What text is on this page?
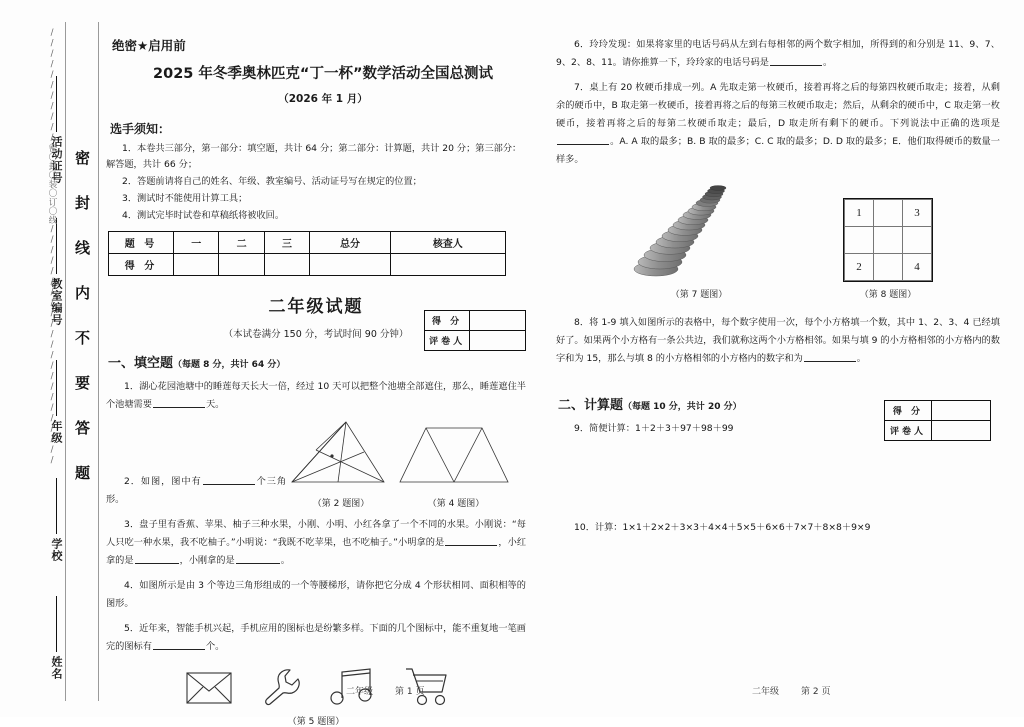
姓名
学校
年级
教室编号
活动证号
///////////密〇封〇装〇订〇线/////////////////////// 密封线内不要答题
绝密★启用前
2025 年冬季奥林匹克“丁一杯”数学活动全国总测试
（2026 年 1 月）
选手须知：
1．本卷共三部分，第一部分：填空题，共计 64 分；第二部分：计算题，共计 20 分；第三部分：解答题，共计 66 分；
2．答题前请将自己的姓名、年级、教室编号、活动证号写在规定的位置；
3．测试时不能使用计算工具；
4．测试完毕时试卷和草稿纸将被收回。
题 号	一	二	三	总分	核查人
得 分					
二年级试题
（本试卷满分 150 分，考试时间 90 分钟）
一、填空题（每题 8 分，共计 64 分）
1．湖心花园池塘中的睡莲每天长大一倍，经过 10 天可以把整个池塘全部遮住，那么，睡莲遮住半个池塘需要	天。
2．如图，图中有	个三角形。	（第 2 题图）	（第 4 题图）
3．盘子里有香蕉、苹果、柚子三种水果，小刚、小明、小红各拿了一个不同的水果。小刚说：“每人只吃一种水果，我不吃柚子。”小明说：“我既不吃苹果，也不吃柚子。”小明拿的是	，小红拿的是	，小刚拿的是	。
4．如图所示是由 3 个等边三角形组成的一个等腰梯形，请你把它分成 4 个形状相同、面积相等的图形。
5．近年来，智能手机兴起，手机应用的图标也是纷繁多样。下面的几个图标中，能不重复地一笔画完的图标有	个。
（第 5 题图）
得 分	
评卷人	
二年级 第 1 页
6．玲玲发现：如果将家里的电话号码从左到右每相邻的两个数字相加，所得到的和分别是 11、9、7、9、2、8、11。请你推算一下，玲玲家的电话号码是	。
7．桌上有 20 枚硬币排成一列。A 先取走第一枚硬币，接着再将之后的每第四枚硬币取走；接着，从剩余的硬币中，B 取走第一枚硬币，接着再将之后的每第三枚硬币取走；然后，从剩余的硬币中，C 取走第一枚硬币，接着再将之后的每第二枚硬币取走；最后，D 取走所有剩下的硬币。下列说法中正确的选项是。A. A 取的最多；B. B 取的最多；C. C 取的最多；D. D 取的最多；E．他们取得硬币的数量一样多。
（第 7 题图）
1		3

2		4
（第 8 题图）
8．将 1-9 填入如图所示的表格中，每个数字使用一次，每个小方格填一个数，其中 1、2、3、4 已经填好了。如果两个小方格有一条公共边，我们就称这两个小方格相邻。如果与填 9 的小方格相邻的小方格内的数字和为 15，那么与填 8 的小方格相邻的小方格内的数字和为	。
二、计算题（每题 10 分，共计 20 分）
9．简便计算：1＋2＋3＋97＋98＋99
10．计算：1×1＋2×2＋3×3＋4×4＋5×5＋6×6＋7×7＋8×8＋9×9
得 分	
评卷人	
二年级 第 2 页
